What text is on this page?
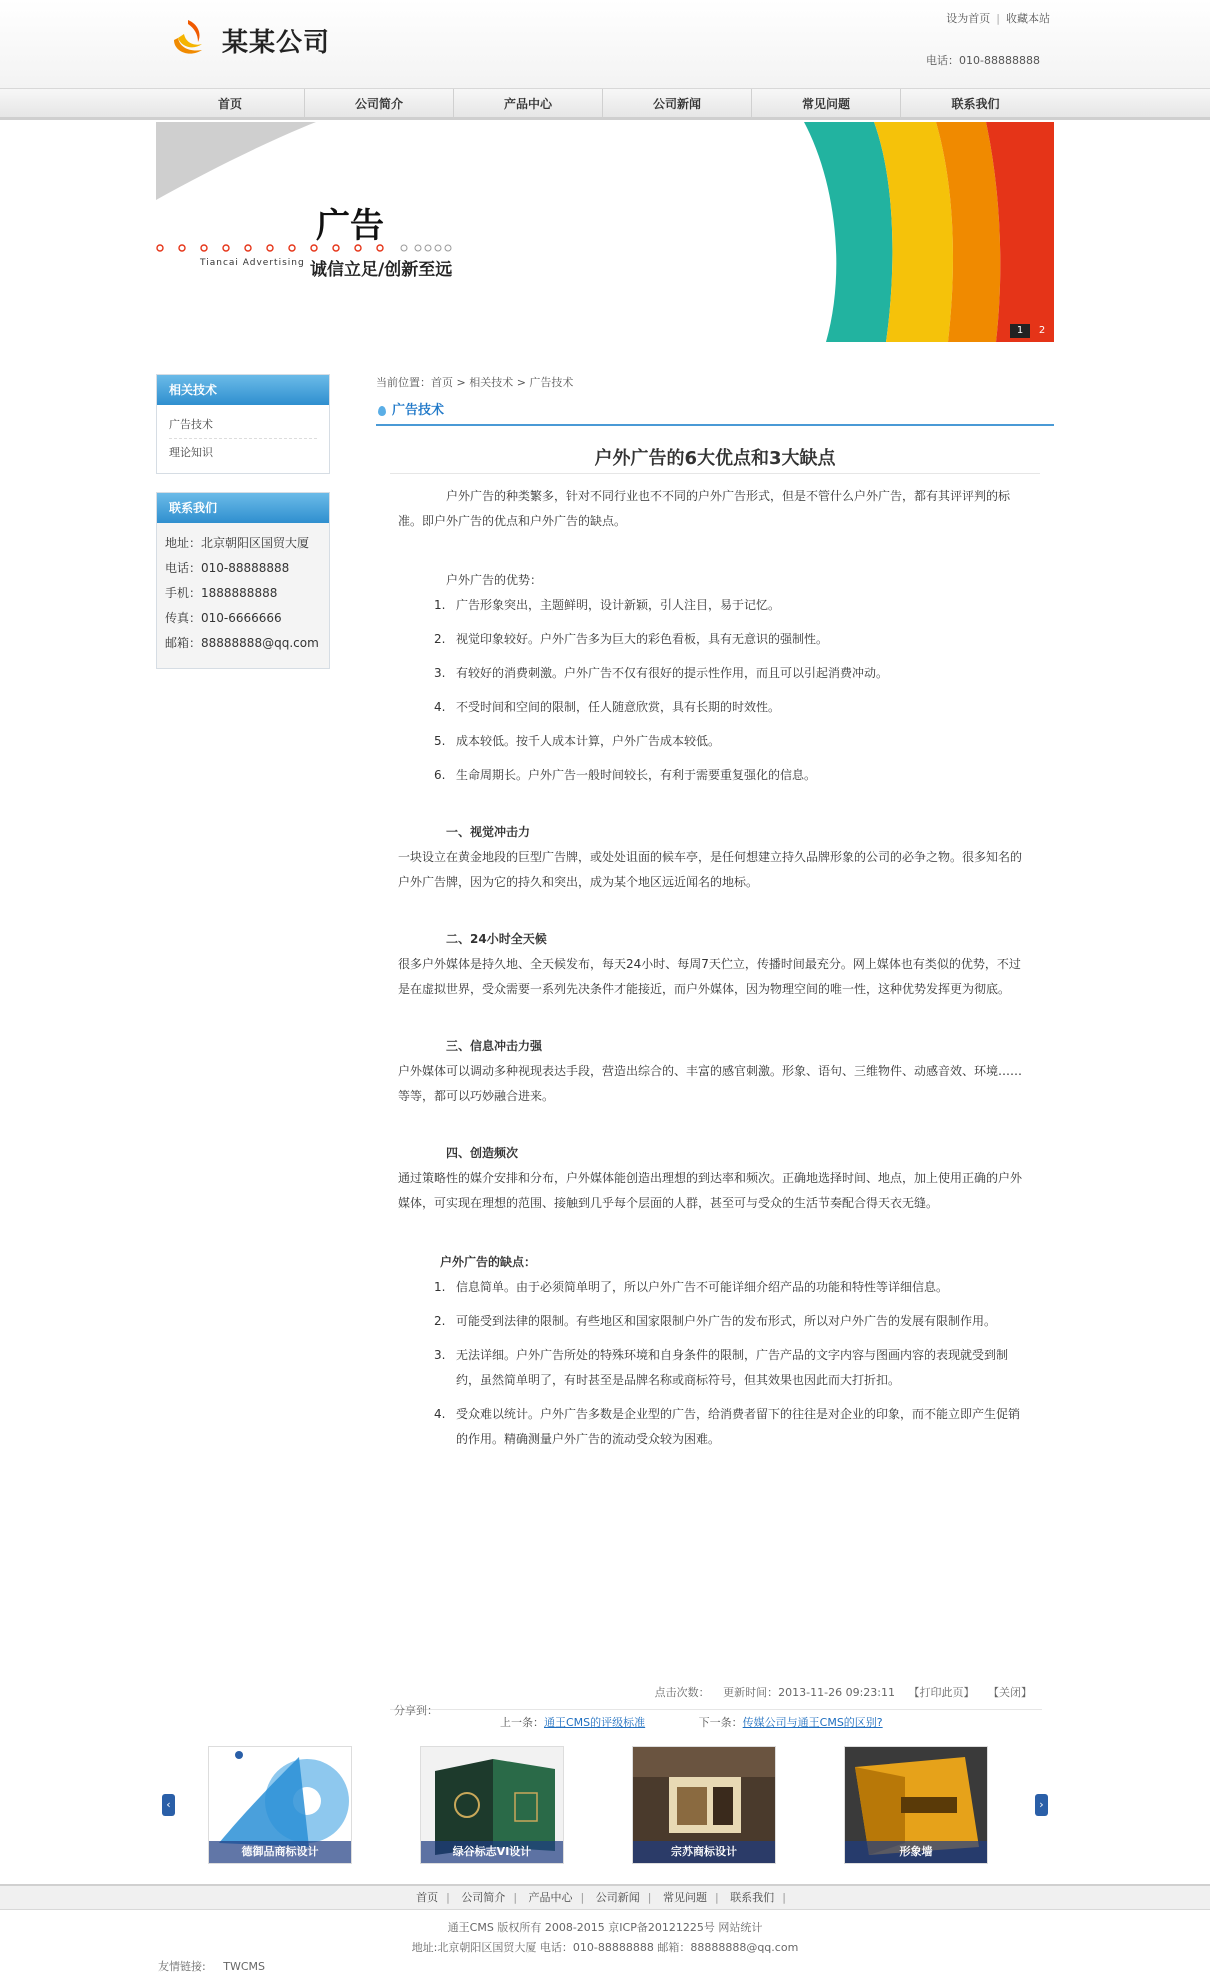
某某公司
设为首页 | 收藏本站
电话：010-88888888
首页	公司简介	产品中心	公司新闻	常见问题	联系我们
广告
Tiancai Advertising 诚信立足/创新至远
1	2
相关技术
广告技术
理论知识
联系我们
地址：北京朝阳区国贸大厦
电话：010-88888888
手机：1888888888
传真：010-6666666
邮箱：88888888@qq.com
当前位置：首页 > 相关技术 > 广告技术
广告技术
户外广告的6大优点和3大缺点

户外广告的种类繁多，针对不同行业也不不同的户外广告形式，但是不管什么户外广告，都有其评评判的标准。即户外广告的优点和户外广告的缺点。

户外广告的优势：

1. 广告形象突出，主题鲜明，设计新颖，引人注目，易于记忆。
2. 视觉印象较好。户外广告多为巨大的彩色看板，具有无意识的强制性。
3. 有较好的消费刺激。户外广告不仅有很好的提示性作用，而且可以引起消费冲动。
4. 不受时间和空间的限制，任人随意欣赏，具有长期的时效性。
5. 成本较低。按千人成本计算，户外广告成本较低。
6. 生命周期长。户外广告一般时间较长，有利于需要重复强化的信息。

一、视觉冲击力

一块设立在黄金地段的巨型广告牌，或处处诅面的候车亭，是任何想建立持久品牌形象的公司的必争之物。很多知名的户外广告牌，因为它的持久和突出，成为某个地区远近闻名的地标。

二、24小时全天候

很多户外媒体是持久地、全天候发布，每天24小时、每周7天伫立，传播时间最充分。网上媒体也有类似的优势，不过是在虚拟世界，受众需要一系列先决条件才能接近，而户外媒体，因为物理空间的唯一性，这种优势发挥更为彻底。

三、信息冲击力强

户外媒体可以调动多种视现表达手段，营造出综合的、丰富的感官刺激。形象、语句、三维物件、动感音效、环境……等等，都可以巧妙融合进来。

四、创造频次

通过策略性的媒介安排和分布，户外媒体能创造出理想的到达率和频次。正确地选择时间、地点，加上使用正确的户外媒体，可实现在理想的范围、接触到几乎每个层面的人群，甚至可与受众的生活节奏配合得天衣无缝。

户外广告的缺点：

1. 信息简单。由于必须简单明了，所以户外广告不可能详细介绍产品的功能和特性等详细信息。
2. 可能受到法律的限制。有些地区和国家限制户外广告的发布形式，所以对户外广告的发展有限制作用。
3. 无法详细。户外广告所处的特殊环境和自身条件的限制，广告产品的文字内容与图画内容的表现就受到制约，虽然简单明了，有时甚至是品牌名称或商标符号，但其效果也因此而大打折扣。
4. 受众难以统计。户外广告多数是企业型的广告，给消费者留下的往往是对企业的印象，而不能立即产生促销的作用。精确测量户外广告的流动受众较为困难。
分享到：
点击次数： 更新时间：2013-11-26 09:23:11 【打印此页】 【关闭】
上一条：通王CMS的评级标准	下一条：传媒公司与通王CMS的区别?
‹
德御品商标设计	绿谷标志VI设计	宗苏商标设计	形象墙
›
首页 | 公司简介 | 产品中心 | 公司新闻 | 常见问题 | 联系我们 |
通王CMS 版权所有 2008-2015 京ICP备20121225号 网站统计
地址:北京朝阳区国贸大厦 电话：010-88888888 邮箱：88888888@qq.com
友情链接: TWCMS
